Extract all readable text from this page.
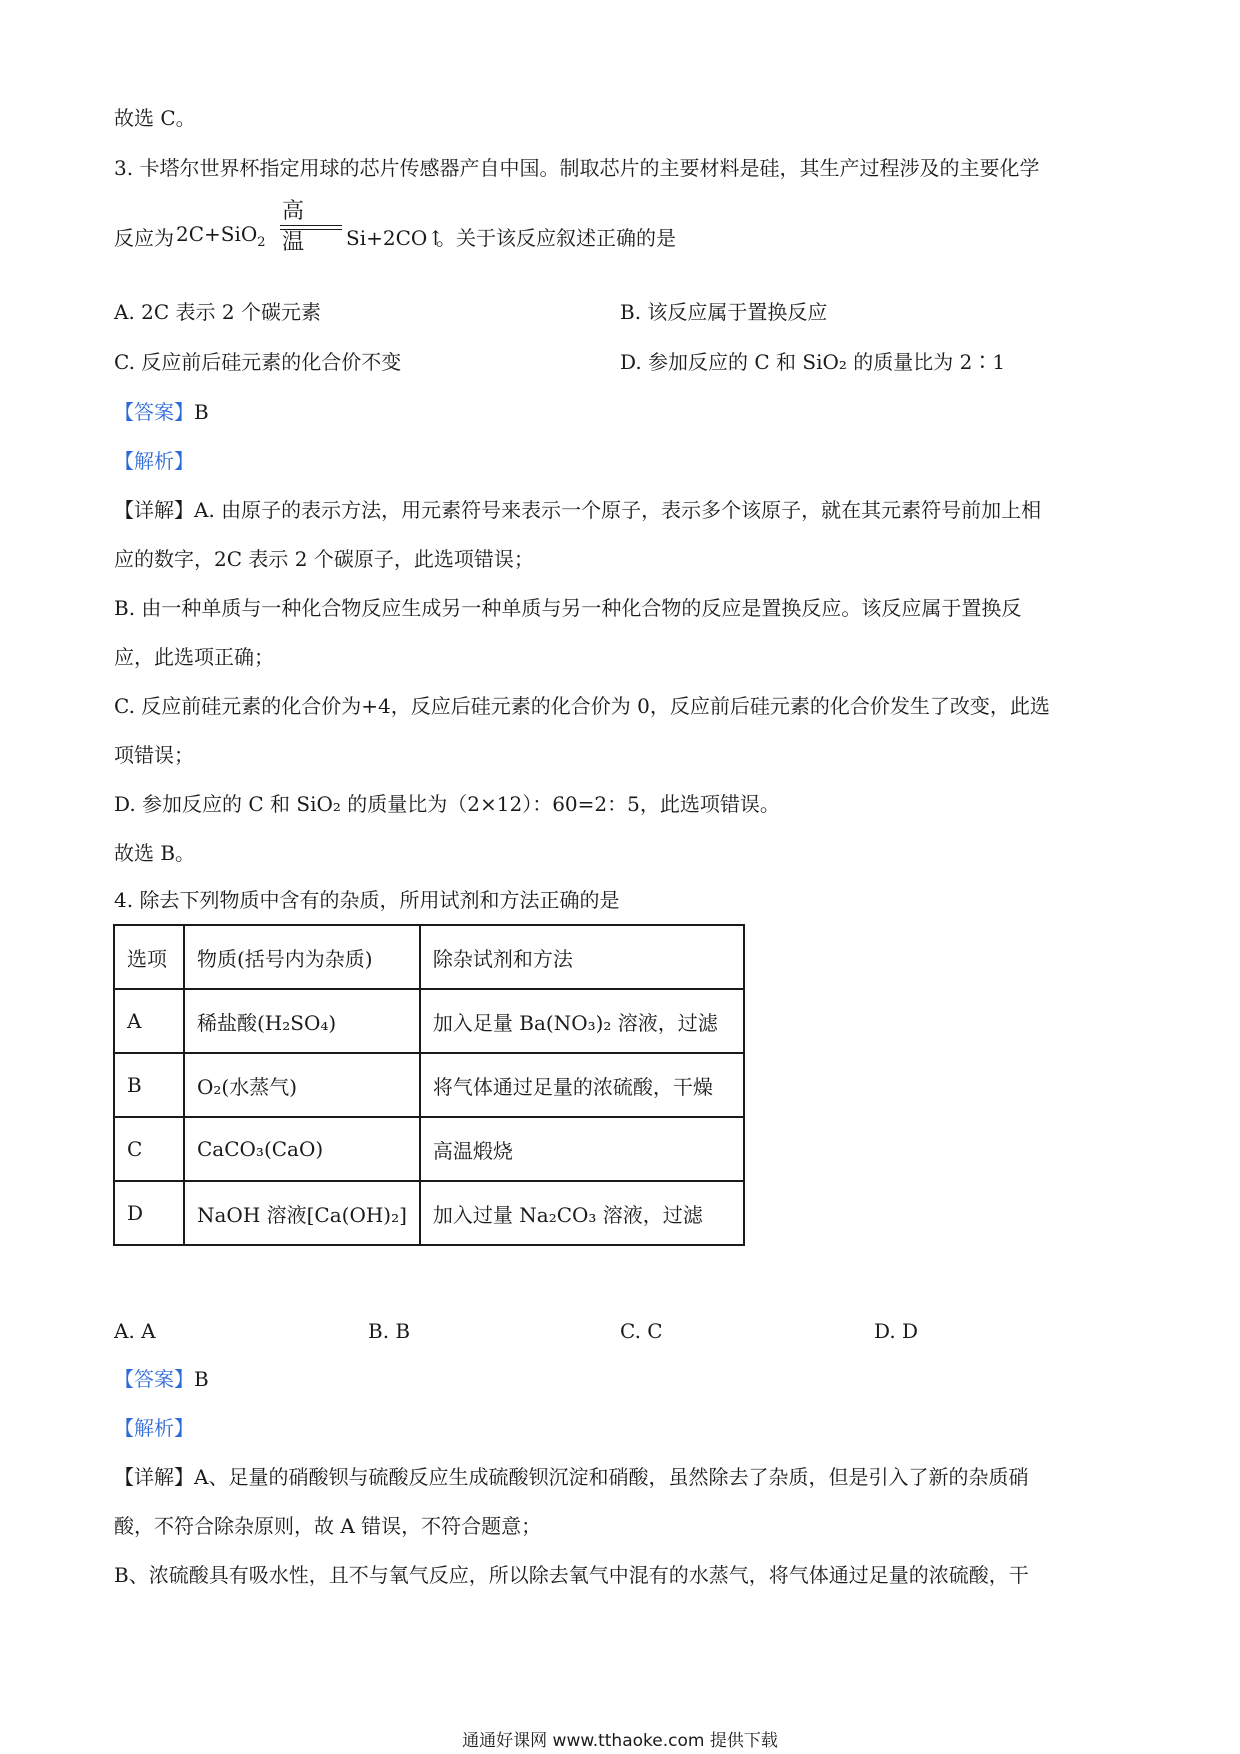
故选 C。
3. 卡塔尔世界杯指定用球的芯片传感器产自中国。制取芯片的主要材料是硅，其生产过程涉及的主要化学
反应为 2C+SiO$_2$
高温 Si+2CO↑
。关于该反应叙述正确的是
A. 2C 表示 2 个碳元素	B. 该反应属于置换反应
C. 反应前后硅元素的化合价不变	D. 参加反应的 C 和 SiO₂ 的质量比为 2∶1
【答案】B
【解析】
【详解】A. 由原子的表示方法，用元素符号来表示一个原子，表示多个该原子，就在其元素符号前加上相
应的数字，2C 表示 2 个碳原子，此选项错误；
B. 由一种单质与一种化合物反应生成另一种单质与另一种化合物的反应是置换反应。该反应属于置换反
应，此选项正确；
C. 反应前硅元素的化合价为+4，反应后硅元素的化合价为 0，反应前后硅元素的化合价发生了改变，此选
项错误；
D. 参加反应的 C 和 SiO₂ 的质量比为（2×12）：60=2：5，此选项错误。
故选 B。
4. 除去下列物质中含有的杂质，所用试剂和方法正确的是
选项	物质(括号内为杂质)	除杂试剂和方法
A	稀盐酸(H₂SO₄)	加入足量 Ba(NO₃)₂ 溶液，过滤
B	O₂(水蒸气)	将气体通过足量的浓硫酸，干燥
C	CaCO₃(CaO)	高温煅烧
D	NaOH 溶液[Ca(OH)₂]	加入过量 Na₂CO₃ 溶液，过滤
A. A	B. B	C. C	D. D
【答案】B
【解析】
【详解】A、足量的硝酸钡与硫酸反应生成硫酸钡沉淀和硝酸，虽然除去了杂质，但是引入了新的杂质硝
酸，不符合除杂原则，故 A 错误，不符合题意；
B、浓硫酸具有吸水性，且不与氧气反应，所以除去氧气中混有的水蒸气，将气体通过足量的浓硫酸，干
通通好课网 www.tthaoke.com 提供下载
